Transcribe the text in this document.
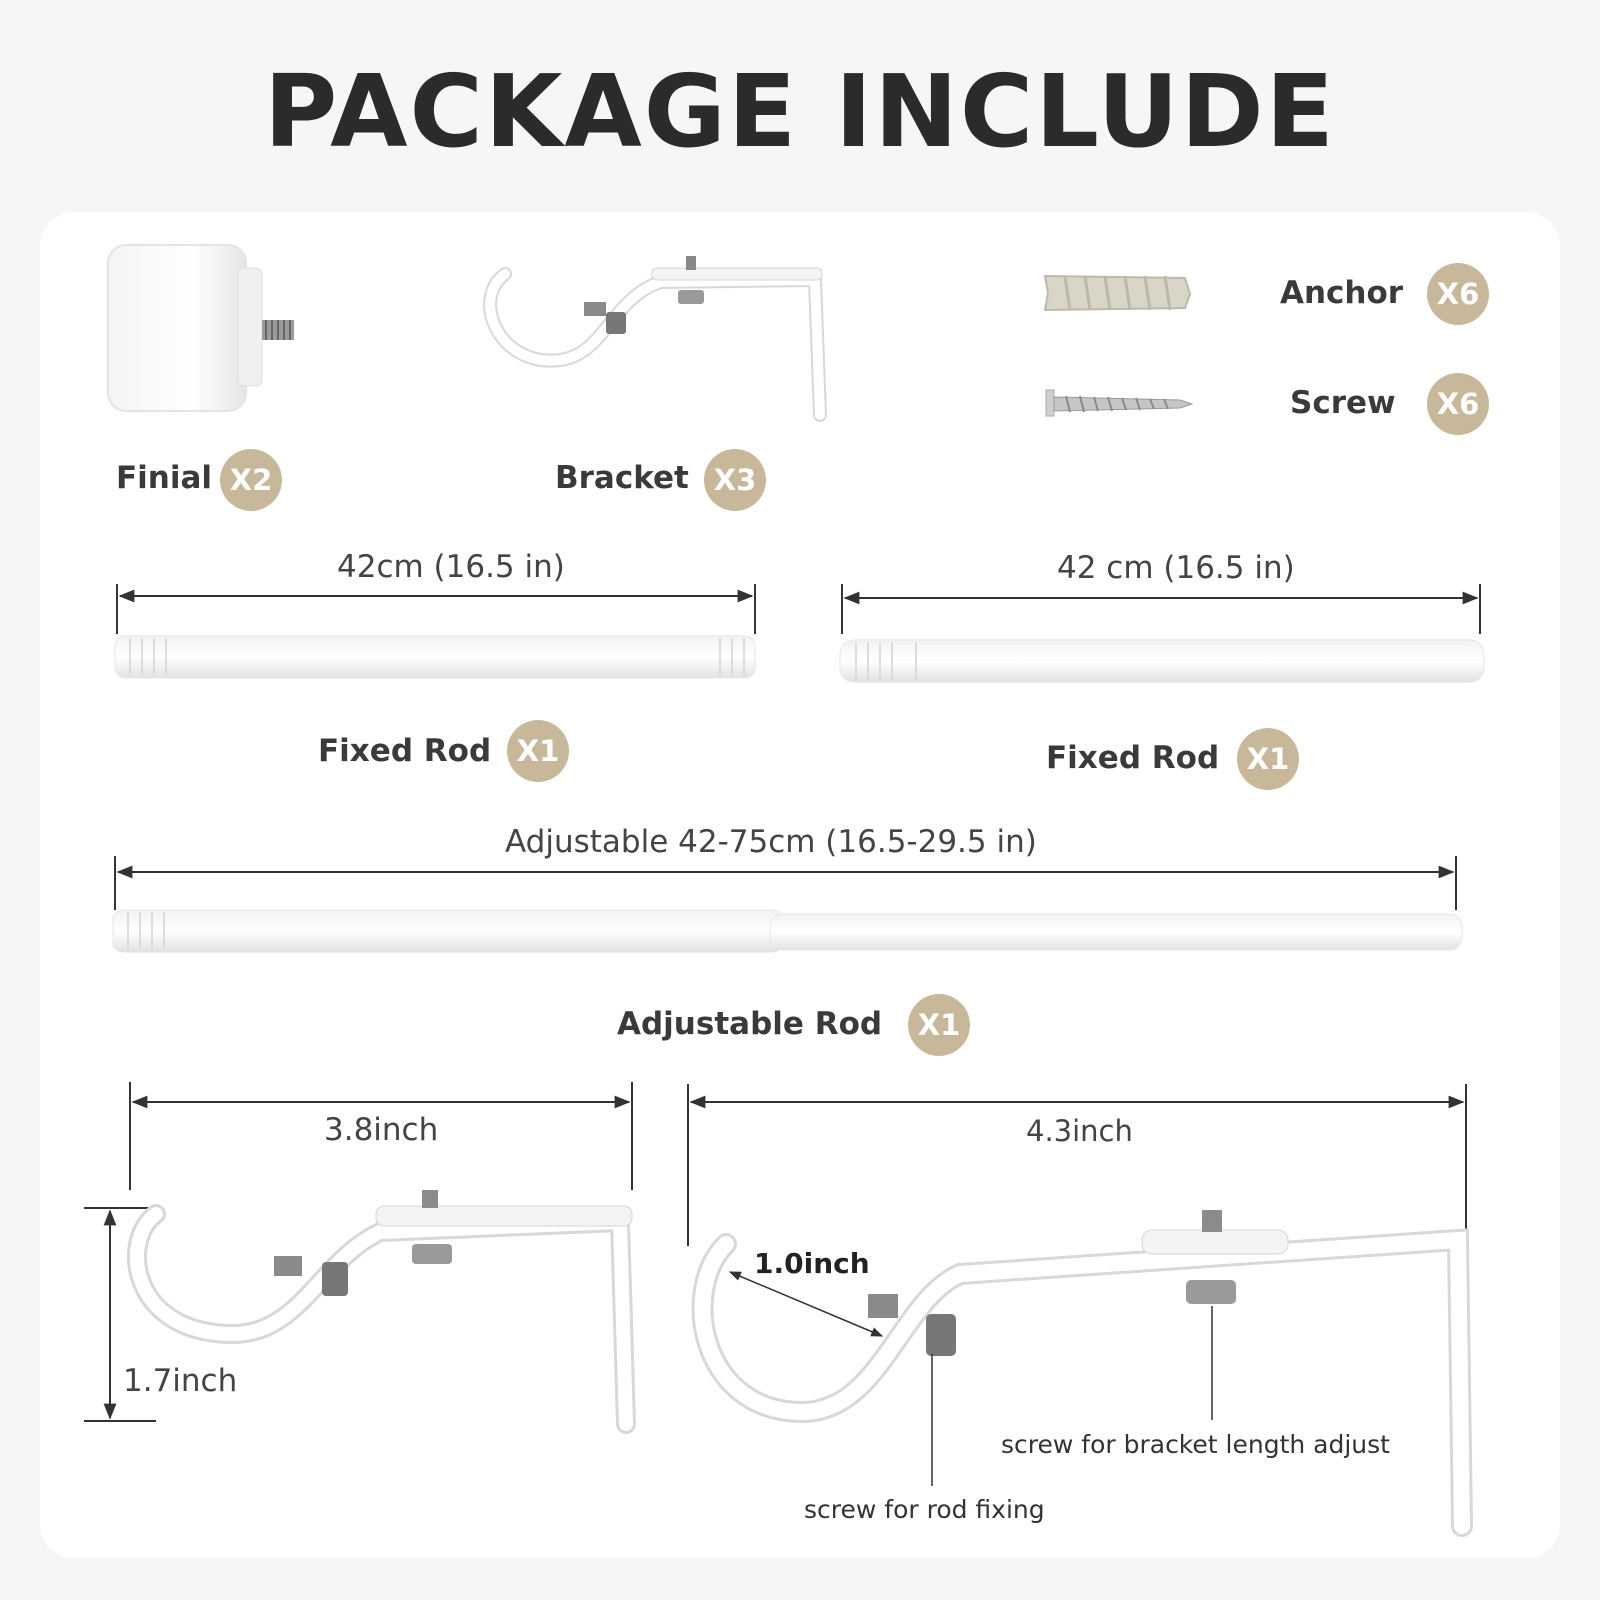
PACKAGE INCLUDE
Finial X2	Bracket X3
Anchor	X6
Screw	X6
42cm (16.5 in)
Fixed Rod X1
42 cm (16.5 in)
Fixed Rod X1
Adjustable 42-75cm (16.5-29.5 in)
Adjustable Rod	X1
3.8inch
1.7inch
4.3inch
1.0inch
screw for bracket length adjust
screw for rod fixing
